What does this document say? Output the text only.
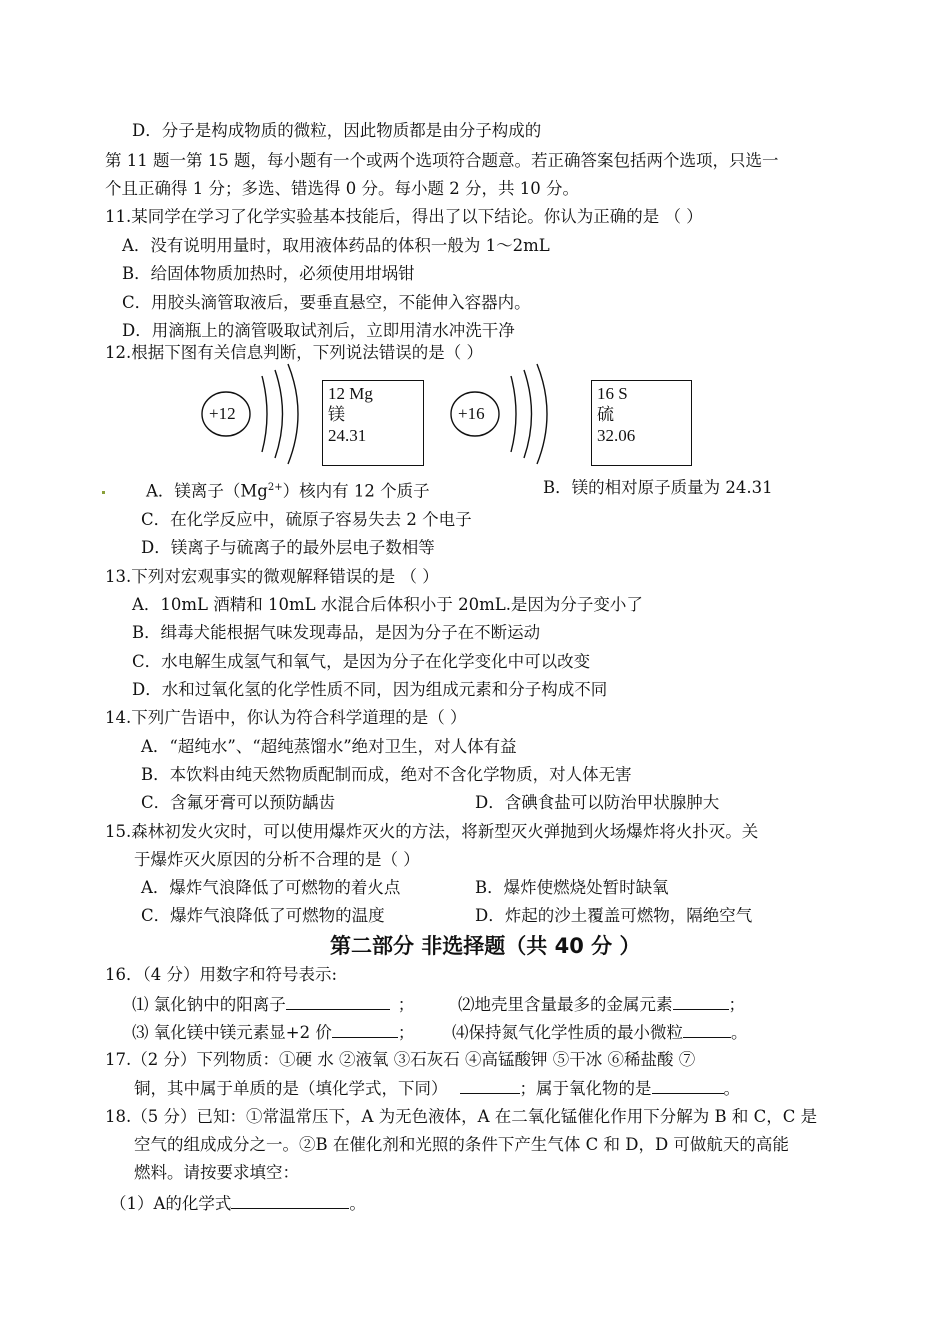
D．分子是构成物质的微粒，因此物质都是由分子构成的
第 11 题一第 15 题，每小题有一个或两个选项符合题意。若正确答案包括两个选项，只选一
个且正确得 1 分；多选、错选得 0 分。每小题 2 分，共 10 分。
11.某同学在学习了化学实验基本技能后，得出了以下结论。你认为正确的是 （ ）
A．没有说明用量时，取用液体药品的体积一般为 1～2mL
B．给固体物质加热时，必须使用坩埚钳
C．用胶头滴管取液后，要垂直悬空，不能伸入容器内。
D．用滴瓶上的滴管吸取试剂后，立即用清水冲洗干净
12.根据下图有关信息判断，下列说法错误的是（ ）
+12	+16
12 Mg
镁
24.31
16 S
硫
32.06
A．镁离子$(Mg^{2+})$核内有 12 个质子	B．镁的相对原子质量为 24.31
C．在化学反应中，硫原子容易失去 2 个电子
D．镁离子与硫离子的最外层电子数相等
13.下列对宏观事实的微观解释错误的是 （ ）
A．10mL 酒精和 10mL 水混合后体积小于 20mL.是因为分子变小了
B．缉毒犬能根据气味发现毒品，是因为分子在不断运动
C．水电解生成氢气和氧气，是因为分子在化学变化中可以改变
D．水和过氧化氢的化学性质不同，因为组成元素和分子构成不同
14.下列广告语中，你认为符合科学道理的是（ ）
A．“超纯水”、“超纯蒸馏水”绝对卫生，对人体有益
B．本饮料由纯天然物质配制而成，绝对不含化学物质，对人体无害
C．含氟牙膏可以预防龋齿	D．含碘食盐可以防治甲状腺肿大
15.森林初发火灾时，可以使用爆炸灭火的方法，将新型灭火弹抛到火场爆炸将火扑灭。关
于爆炸灭火原因的分析不合理的是（ ）
A．爆炸气浪降低了可燃物的着火点	B．爆炸使燃烧处暂时缺氧
C．爆炸气浪降低了可燃物的温度	D．炸起的沙土覆盖可燃物，隔绝空气
第二部分 非选择题（共 40 分 ）
16．（4 分）用数字和符号表示:
⑴ 氯化钠中的阳离子	；	⑵地壳里含量最多的金属元素	；
⑶ 氧化镁中镁元素显+2 价	； ⑷保持氮气化学性质的最小微粒	。
17.（2 分）下列物质：①硬 水 ②液氧 ③石灰石 ④高锰酸钾 ⑤干冰 ⑥稀盐酸 ⑦
铜，其中属于单质的是（填化学式，下同）	；属于氧化物的是	。
18.（5 分）已知：①常温常压下，A 为无色液体，A 在二氧化锰催化作用下分解为 B 和 C，C 是
空气的组成成分之一。②B 在催化剂和光照的条件下产生气体 C 和 D，D 可做航天的高能
燃料。请按要求填空：
（1）A的化学式	。
